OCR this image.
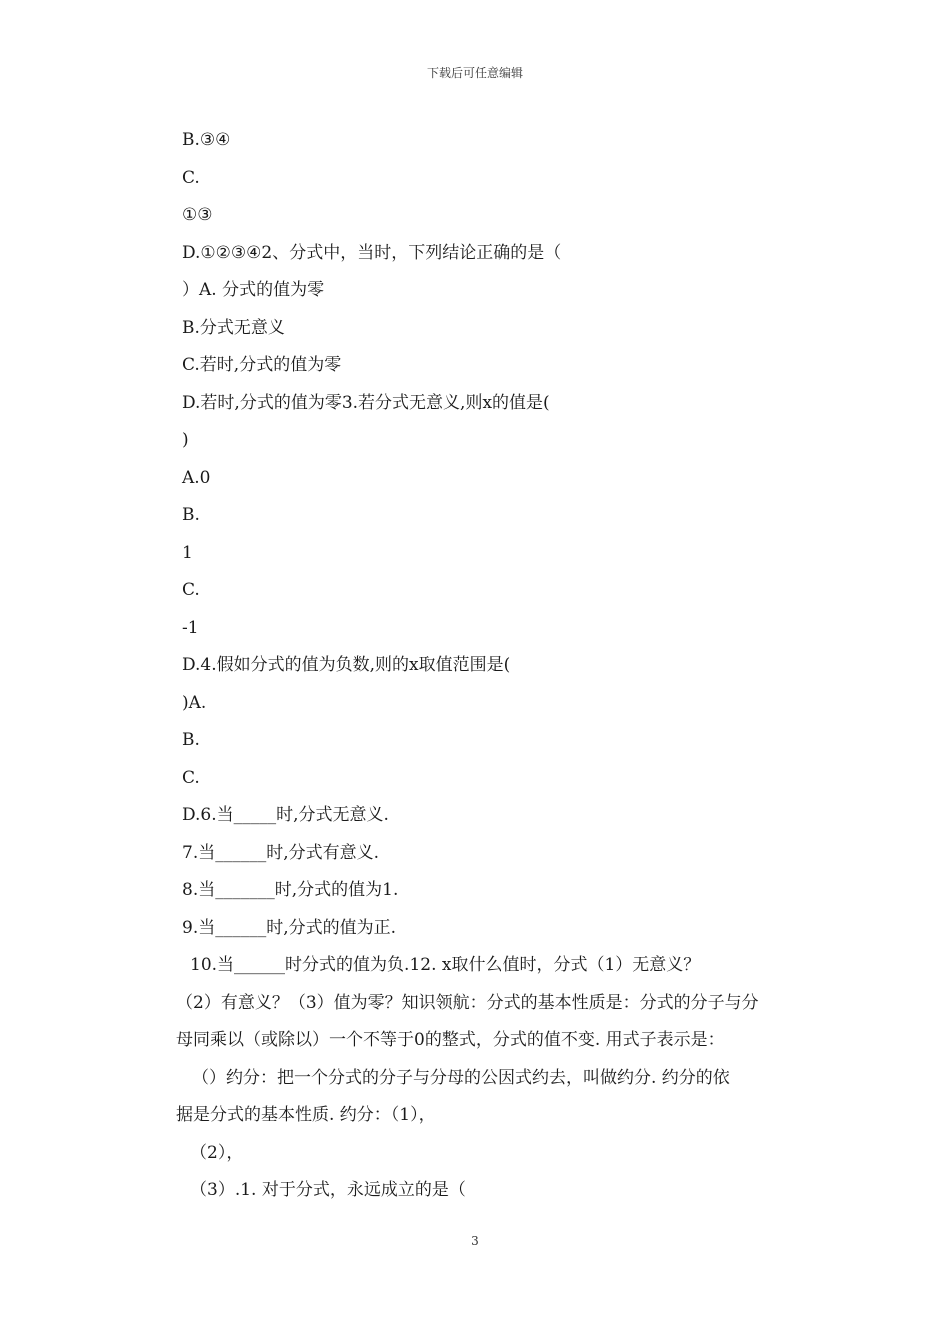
下载后可任意编辑
B.③④
C.
①③
D.①②③④2、分式中，当时，下列结论正确的是（
）A. 分式的值为零
B.分式无意义
C.若时,分式的值为零
D.若时,分式的值为零3.若分式无意义,则x的值是(
)
A.0
B.
1
C.
-1
D.4.假如分式的值为负数,则的x取值范围是(
)A.
B.
C.
D.6.当_____时,分式无意义.
7.当______时,分式有意义.
8.当_______时,分式的值为1.
9.当______时,分式的值为正.
10.当______时分式的值为负.12. x取什么值时，分式（1）无意义？
（2）有意义？（3）值为零？知识领航：分式的基本性质是：分式的分子与分
母同乘以（或除以）一个不等于0的整式，分式的值不变. 用式子表示是：
（）约分：把一个分式的分子与分母的公因式约去，叫做约分. 约分的依
据是分式的基本性质. 约分：（1），
（2），
（3）.1. 对于分式，永远成立的是（
3
